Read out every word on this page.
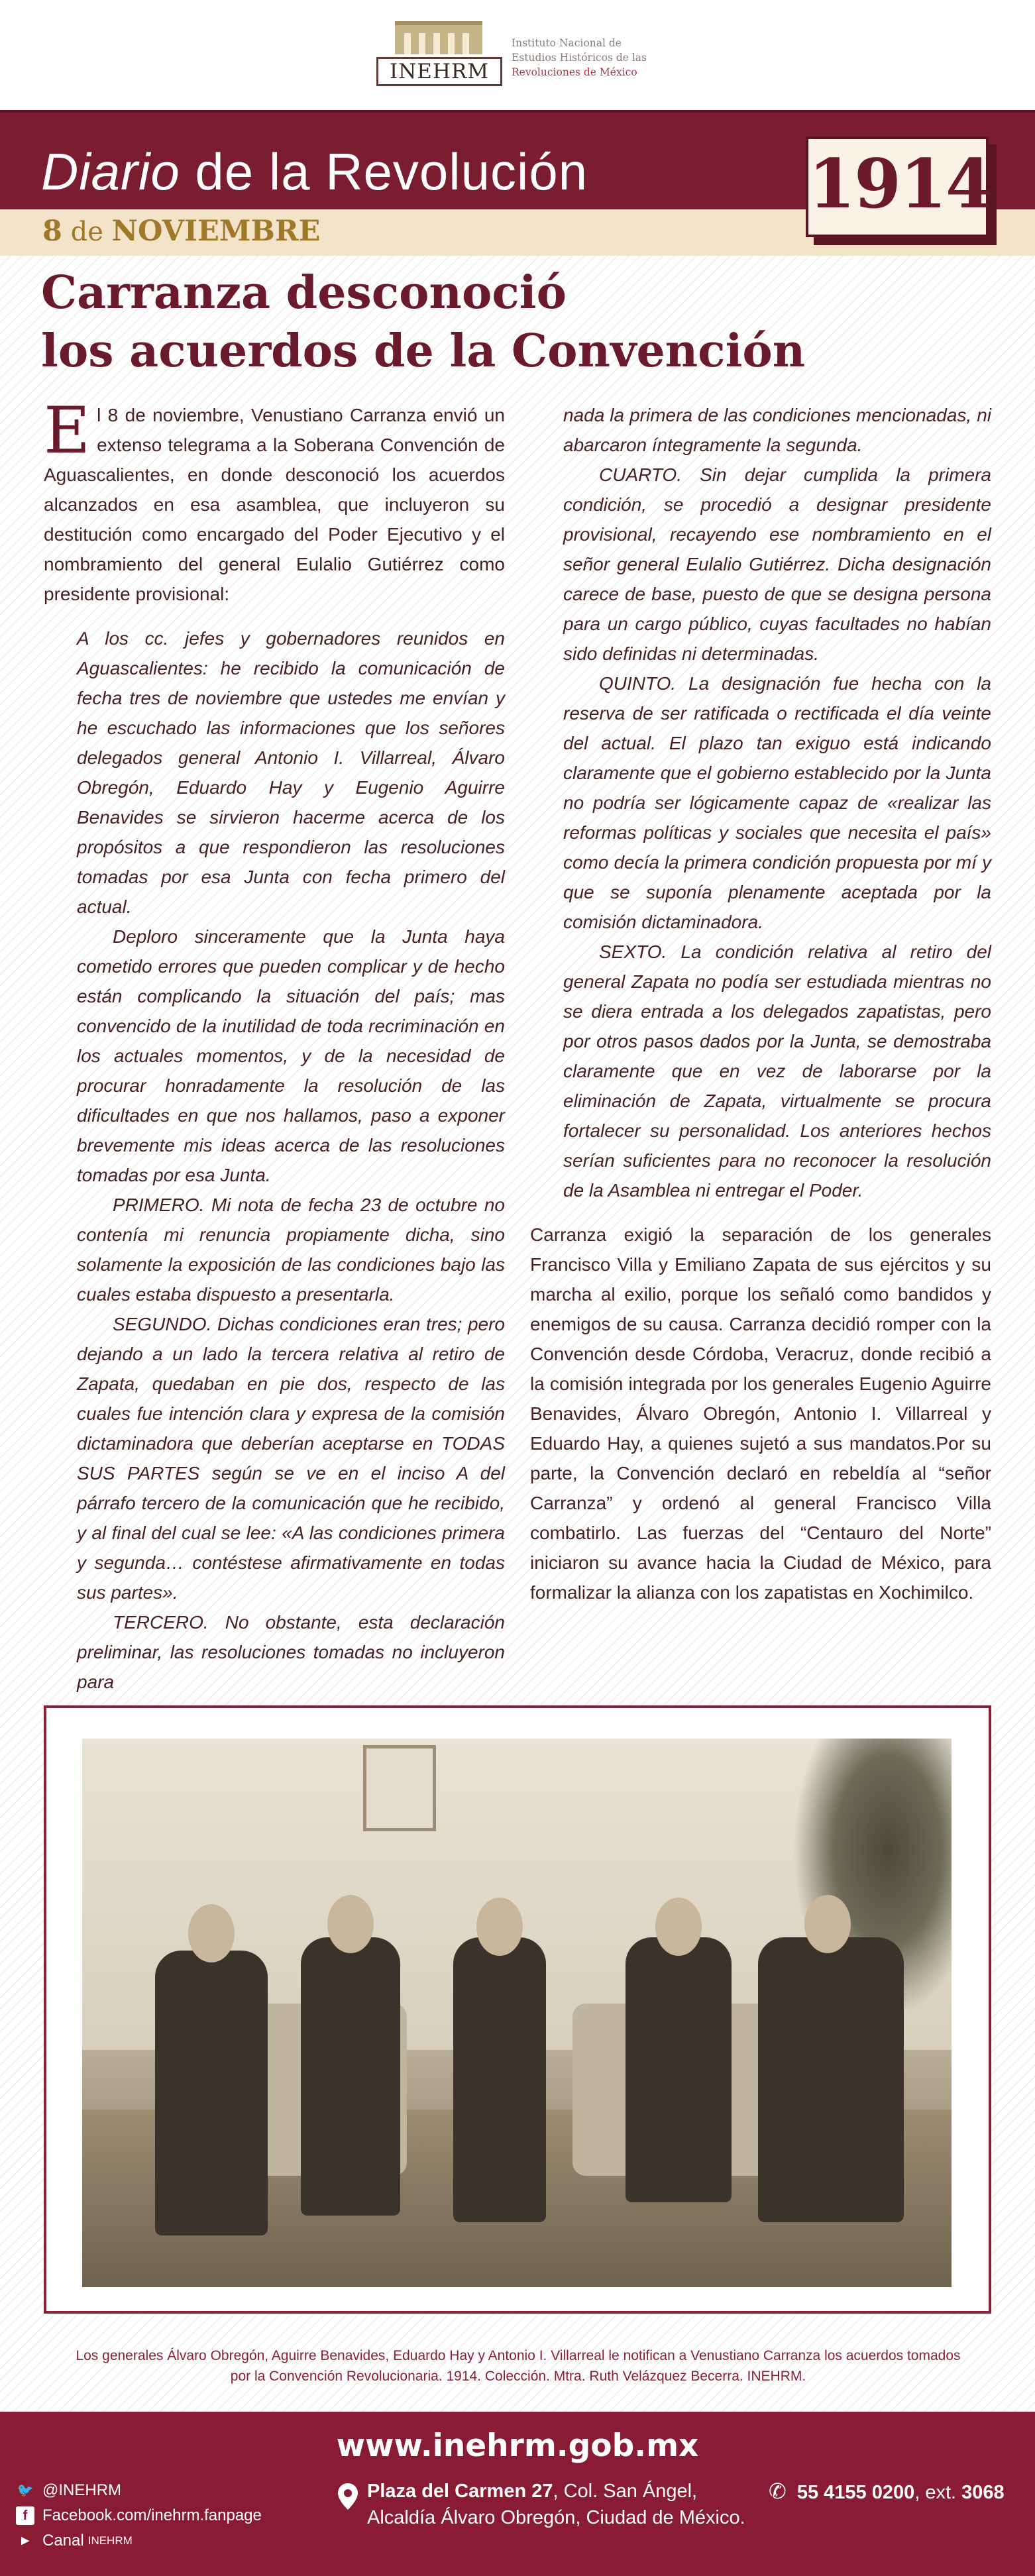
INEHRM
Instituto Nacional de
Estudios Históricos de las
Revoluciones de México
Diario de la Revolución
8 de NOVIEMBRE
1914
Carranza desconoció
los acuerdos de la Convención

El 8 de noviembre, Venustiano Carranza envió un extenso telegrama a la Soberana Convención de Aguascalientes, en donde desconoció los acuerdos alcanzados en esa asamblea, que incluyeron su destitución como encargado del Poder Ejecutivo y el nombramiento del general Eulalio Gutiérrez como presidente provisional:

A los cc. jefes y gobernadores reunidos en Aguascalientes: he recibido la comunicación de fecha tres de noviembre que ustedes me envían y he escuchado las informaciones que los señores delegados general Antonio I. Villarreal, Álvaro Obregón, Eduardo Hay y Eugenio Aguirre Benavides se sirvieron hacerme acerca de los propósitos a que respondieron las resoluciones tomadas por esa Junta con fecha primero del actual.

Deploro sinceramente que la Junta haya cometido errores que pueden complicar y de hecho están complicando la situación del país; mas convencido de la inutilidad de toda recriminación en los actuales momentos, y de la necesidad de procurar honradamente la resolución de las dificultades en que nos hallamos, paso a exponer brevemente mis ideas acerca de las resoluciones tomadas por esa Junta.

PRIMERO. Mi nota de fecha 23 de octubre no contenía mi renuncia propiamente dicha, sino solamente la exposición de las condiciones bajo las cuales estaba dispuesto a presentarla.

SEGUNDO. Dichas condiciones eran tres; pero dejando a un lado la tercera relativa al retiro de Zapata, quedaban en pie dos, respecto de las cuales fue intención clara y expresa de la comisión dictaminadora que deberían aceptarse en TODAS SUS PARTES según se ve en el inciso A del párrafo tercero de la comunicación que he recibido, y al final del cual se lee: «A las condiciones primera y segunda… contéstese afirmativamente en todas sus partes».

TERCERO. No obstante, esta declaración preliminar, las resoluciones tomadas no incluyeron para

nada la primera de las condiciones mencionadas, ni abarcaron íntegramente la segunda.

CUARTO. Sin dejar cumplida la primera condición, se procedió a designar presidente provisional, recayendo ese nombramiento en el señor general Eulalio Gutiérrez. Dicha designación carece de base, puesto de que se designa persona para un cargo público, cuyas facultades no habían sido definidas ni determinadas.

QUINTO. La designación fue hecha con la reserva de ser ratificada o rectificada el día veinte del actual. El plazo tan exiguo está indicando claramente que el gobierno establecido por la Junta no podría ser lógicamente capaz de «realizar las reformas políticas y sociales que necesita el país» como decía la primera condición propuesta por mí y que se suponía plenamente aceptada por la comisión dictaminadora.

SEXTO. La condición relativa al retiro del general Zapata no podía ser estudiada mientras no se diera entrada a los delegados zapatistas, pero por otros pasos dados por la Junta, se demostraba claramente que en vez de laborarse por la eliminación de Zapata, virtualmente se procura fortalecer su personalidad. Los anteriores hechos serían suficientes para no reconocer la resolución de la Asamblea ni entregar el Poder.

Carranza exigió la separación de los generales Francisco Villa y Emiliano Zapata de sus ejércitos y su marcha al exilio, porque los señaló como bandidos y enemigos de su causa. Carranza decidió romper con la Convención desde Córdoba, Veracruz, donde recibió a la comisión integrada por los generales Eugenio Aguirre Benavides, Álvaro Obregón, Antonio I. Villarreal y Eduardo Hay, a quienes sujetó a sus mandatos.Por su parte, la Convención declaró en rebeldía al “señor Carranza” y ordenó al general Francisco Villa combatirlo. Las fuerzas del “Centauro del Norte” iniciaron su avance hacia la Ciudad de México, para formalizar la alianza con los zapatistas en Xochimilco.

Los generales Álvaro Obregón, Aguirre Benavides, Eduardo Hay y Antonio I. Villarreal le notifican a Venustiano Carranza los acuerdos tomados
por la Convención Revolucionaria. 1914. Colección. Mtra. Ruth Velázquez Becerra. INEHRM.
www.inehrm.gob.mx
🐦 @INEHRM
f Facebook.com/inehrm.fanpage
▶ Canal INEHRM
Plaza del Carmen 27, Col. San Ángel,
Alcaldía Álvaro Obregón, Ciudad de México.
✆ 55 4155 0200, ext. 3068
